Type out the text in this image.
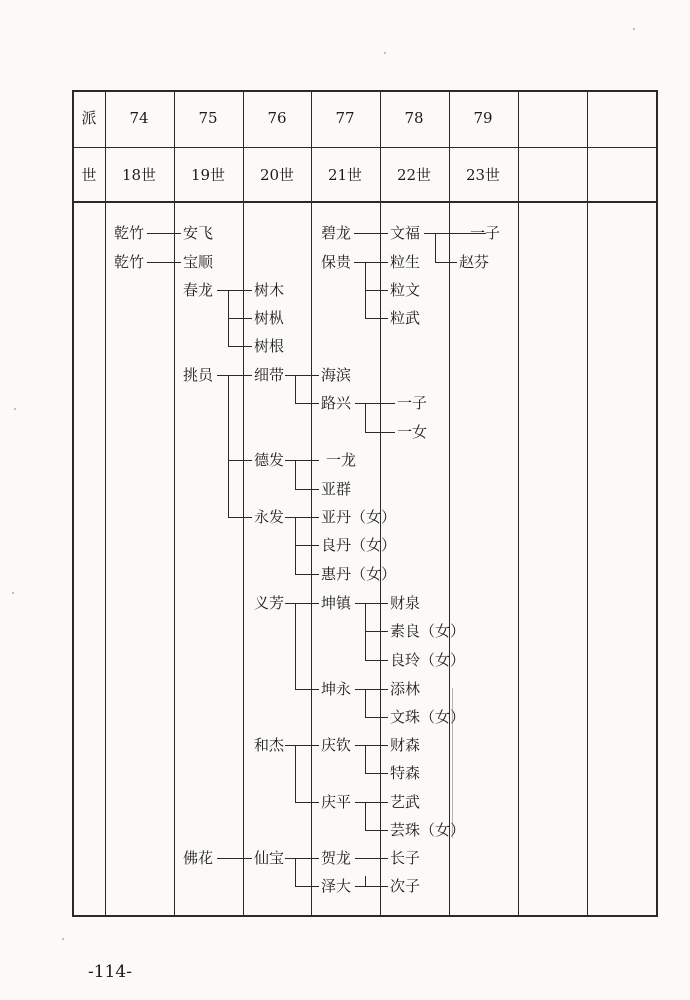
派 74	75	76	77	78	79
世 18世 19世 20世 21世 22世 23世
乾竹
乾竹
安飞
宝顺
碧龙
保贵
文福	一子
赵芬
粒生
粒文
粒武
春龙	树木
树枞
树根
挑员	细带 海滨
路兴	一子
一女
德发	一龙
亚群
永发 亚丹（女）
良丹（女）
惠丹（女）
义芳 坤镇	财泉
素良（女）
良玲（女）
坤永	添林
文珠（女）
和杰 庆钦	财森
特森
庆平	艺武
芸珠（女）
佛花	仙宝 贺龙	长子
泽大	次子
-114-
